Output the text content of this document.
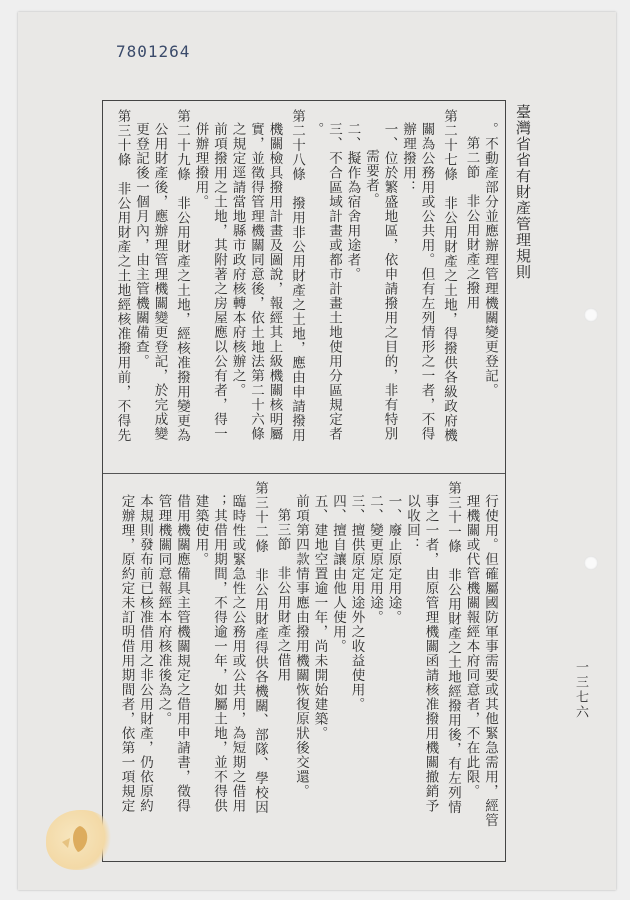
7801264
臺灣省省有財產管理規則
一三七六
。不動產部分並應辦理管理機關變更登記。
第二節　非公用財產之撥用
第二十七條　非公用財產之土地，得撥供各級政府機
關為公務用或公共用。但有左列情形之一者，不得
辦理撥用：
一、位於繁盛地區，依申請撥用之目的，非有特別
需要者。
二、擬作為宿舍用途者。
三、不合區域計畫或都市計畫土地使用分區規定者
。
第二十八條　撥用非公用財產之土地，應由申請撥用
機關檢具撥用計畫及圖說，報經其上級機關核明屬
實，並徵得管理機關同意後，依土地法第二十六條
之規定逕請當地縣市政府核轉本府核辦之。
前項撥用之土地，其附著之房屋應以公有者，得一
併辦理撥用。
第二十九條　非公用財產之土地，經核准撥用變更為
公用財產後，應辦理管理機關變更登記，於完成變
更登記後一個月內，由主管機關備查。
第三十條　非公用財產之土地經核准撥用前，不得先
行使用。但確屬國防軍事需要或其他緊急需用，經管
理機關或代管機關報經本府同意者，不在此限。
第三十一條　非公用財產之土地經撥用後，有左列情
事之一者，由原管理機關函請核准撥用機關撤銷予
以收回：
一、廢止原定用途。
二、變更原定用途。
三、擅供原定用途外之收益使用。
四、擅自讓由他人使用。
五、建地空置逾一年，尚未開始建築。
前項第四款情事應由撥用機關恢復原狀後交還。
第三節　非公用財產之借用
第三十二條　非公用財產得供各機關、部隊、學校因
臨時性或緊急性之公務用或公共用，為短期之借用
；其借用期間，不得逾一年，如屬土地，並不得供
建築使用。
借用機關應備具主管機關規定之借用申請書，徵得
管理機關同意報經本府核准後為之。
本規則發布前已核准借用之非公用財產，仍依原約
定辦理，原約定未訂明借用期間者，依第一項規定
